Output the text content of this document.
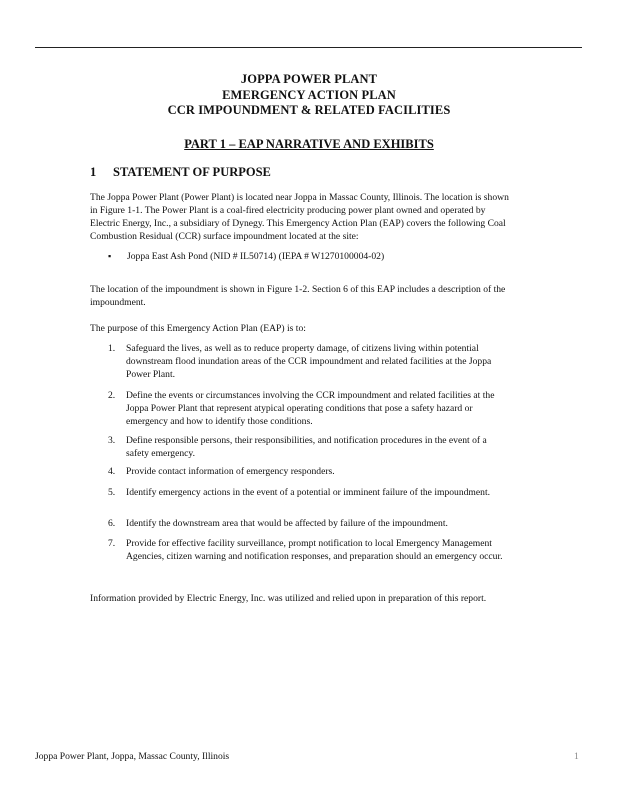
JOPPA POWER PLANT
EMERGENCY ACTION PLAN
CCR IMPOUNDMENT & RELATED FACILITIES
PART 1 – EAP NARRATIVE AND EXHIBITS
1 STATEMENT OF PURPOSE
The Joppa Power Plant (Power Plant) is located near Joppa in Massac County, Illinois. The location is shown in Figure 1-1. The Power Plant is a coal-fired electricity producing power plant owned and operated by Electric Energy, Inc., a subsidiary of Dynegy. This Emergency Action Plan (EAP) covers the following Coal Combustion Residual (CCR) surface impoundment located at the site:
▪ Joppa East Ash Pond (NID # IL50714) (IEPA # W1270100004-02)
The location of the impoundment is shown in Figure 1-2. Section 6 of this EAP includes a description of the impoundment.
The purpose of this Emergency Action Plan (EAP) is to:
1.	Safeguard the lives, as well as to reduce property damage, of citizens living within potential downstream flood inundation areas of the CCR impoundment and related facilities at the Joppa Power Plant.
2.	Define the events or circumstances involving the CCR impoundment and related facilities at the Joppa Power Plant that represent atypical operating conditions that pose a safety hazard or emergency and how to identify those conditions.
3.	Define responsible persons, their responsibilities, and notification procedures in the event of a safety emergency.
4.	Provide contact information of emergency responders.
5.	Identify emergency actions in the event of a potential or imminent failure of the impoundment.
6.	Identify the downstream area that would be affected by failure of the impoundment.
7.	Provide for effective facility surveillance, prompt notification to local Emergency Management Agencies, citizen warning and notification responses, and preparation should an emergency occur.
Information provided by Electric Energy, Inc. was utilized and relied upon in preparation of this report.
Joppa Power Plant, Joppa, Massac County, Illinois	1
